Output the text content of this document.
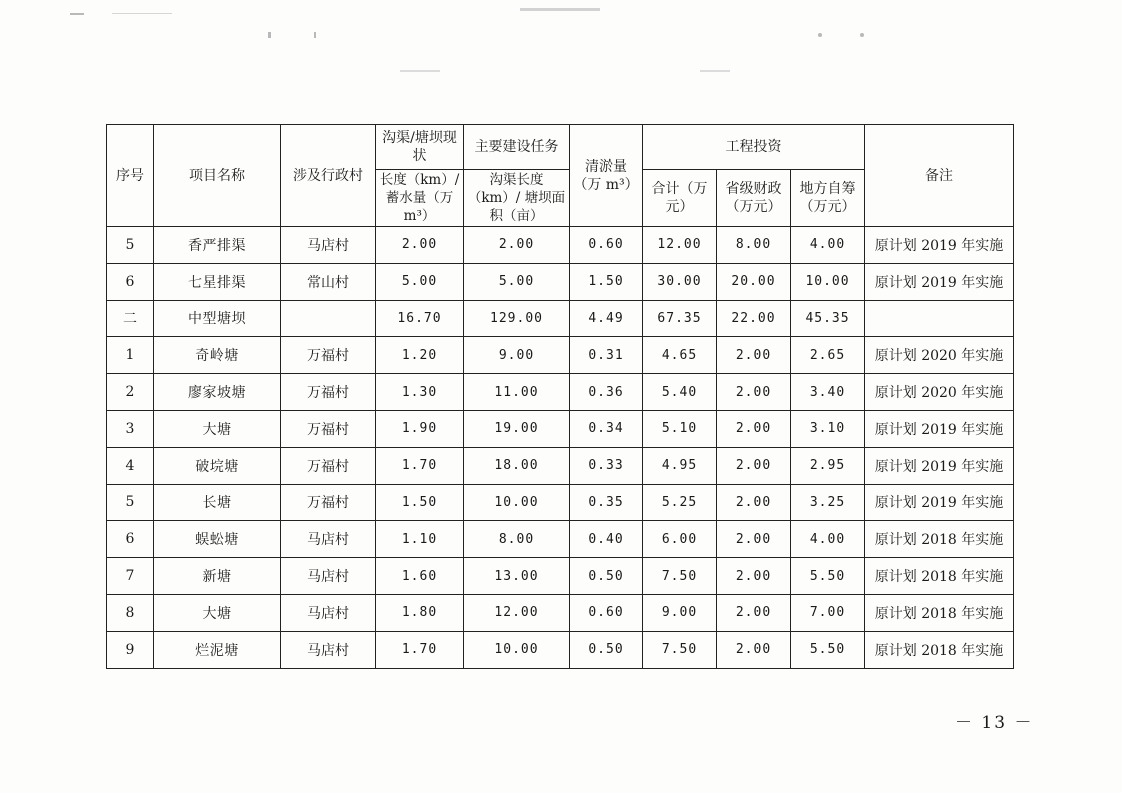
序号	项目名称	涉及行政村	沟渠/塘坝现状	主要建设任务	清淤量（万 m³）	工程投资			备注
			长度（km）/蓄水量（万 m³）	沟渠长度（km）/ 塘坝面积（亩）		合计（万元）	省级财政（万元）	地方自筹（万元）	
5	香严排渠	马店村	2.00	2.00	0.60	12.00	8.00	4.00	原计划 2019 年实施
6	七星排渠	常山村	5.00	5.00	1.50	30.00	20.00	10.00	原计划 2019 年实施
二	中型塘坝		16.70	129.00	4.49	67.35	22.00	45.35	
1	奇岭塘	万福村	1.20	9.00	0.31	4.65	2.00	2.65	原计划 2020 年实施
2	廖家坡塘	万福村	1.30	11.00	0.36	5.40	2.00	3.40	原计划 2020 年实施
3	大塘	万福村	1.90	19.00	0.34	5.10	2.00	3.10	原计划 2019 年实施
4	破垸塘	万福村	1.70	18.00	0.33	4.95	2.00	2.95	原计划 2019 年实施
5	长塘	万福村	1.50	10.00	0.35	5.25	2.00	3.25	原计划 2019 年实施
6	蜈蚣塘	马店村	1.10	8.00	0.40	6.00	2.00	4.00	原计划 2018 年实施
7	新塘	马店村	1.60	13.00	0.50	7.50	2.00	5.50	原计划 2018 年实施
8	大塘	马店村	1.80	12.00	0.60	9.00	2.00	7.00	原计划 2018 年实施
9	烂泥塘	马店村	1.70	10.00	0.50	7.50	2.00	5.50	原计划 2018 年实施
－ 13 －
